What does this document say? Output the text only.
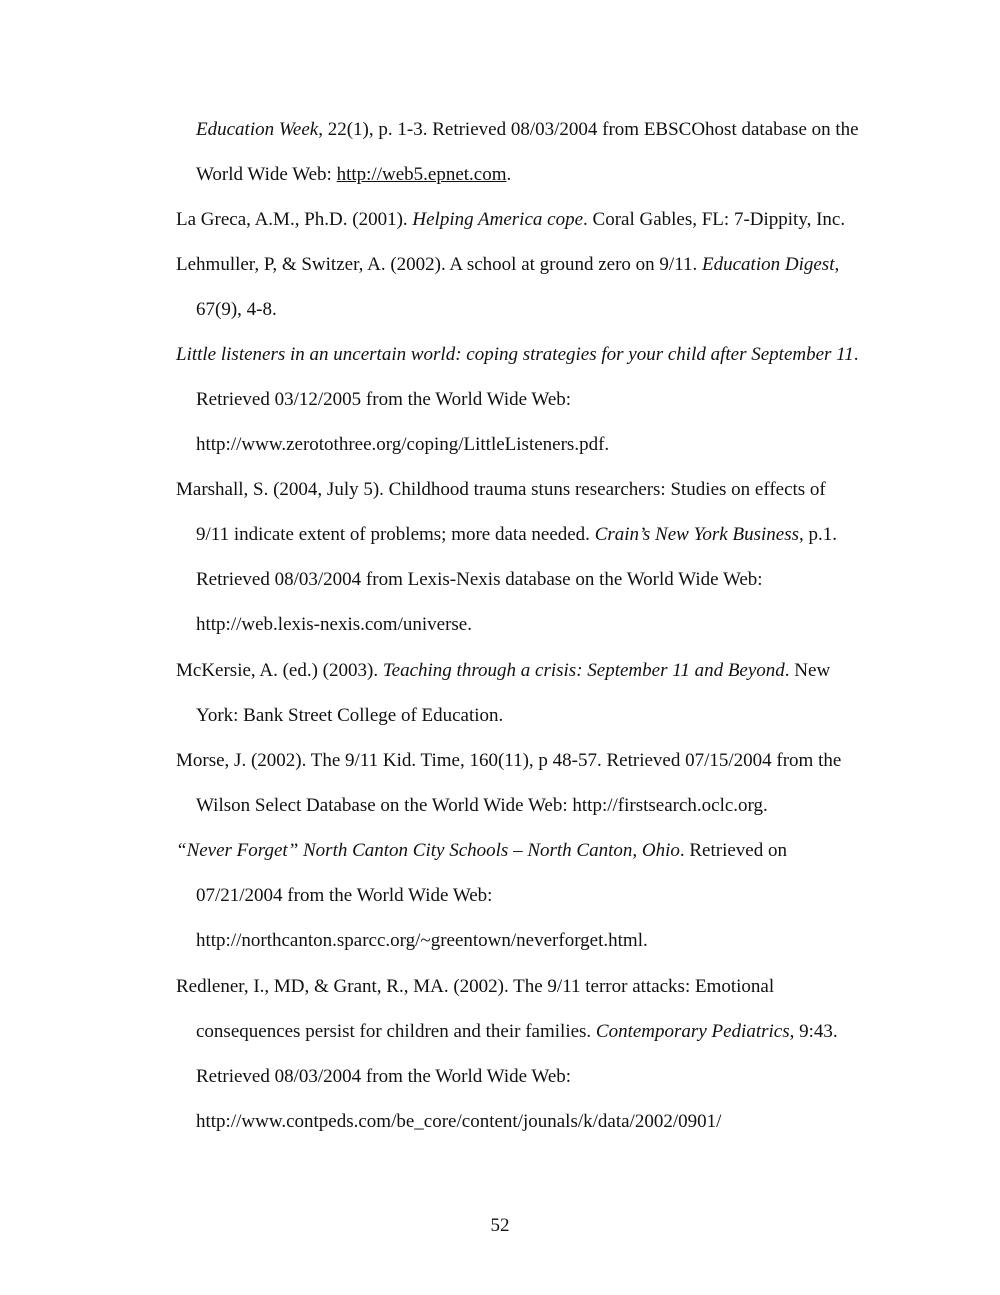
Education Week, 22(1), p. 1-3. Retrieved 08/03/2004 from EBSCOhost database on the
World Wide Web: http://web5.epnet.com.
La Greca, A.M., Ph.D. (2001). Helping America cope. Coral Gables, FL: 7-Dippity, Inc.
Lehmuller, P, & Switzer, A. (2002). A school at ground zero on 9/11. Education Digest,
67(9), 4-8.
Little listeners in an uncertain world: coping strategies for your child after September 11.
Retrieved 03/12/2005 from the World Wide Web:
http://www.zerotothree.org/coping/LittleListeners.pdf.
Marshall, S. (2004, July 5). Childhood trauma stuns researchers: Studies on effects of
9/11 indicate extent of problems; more data needed. Crain’s New York Business, p.1.
Retrieved 08/03/2004 from Lexis-Nexis database on the World Wide Web:
http://web.lexis-nexis.com/universe.
McKersie, A. (ed.) (2003). Teaching through a crisis: September 11 and Beyond. New
York: Bank Street College of Education.
Morse, J. (2002). The 9/11 Kid. Time, 160(11), p 48-57. Retrieved 07/15/2004 from the
Wilson Select Database on the World Wide Web: http://firstsearch.oclc.org.
“Never Forget” North Canton City Schools – North Canton, Ohio. Retrieved on
07/21/2004 from the World Wide Web:
http://northcanton.sparcc.org/~greentown/neverforget.html.
Redlener, I., MD, & Grant, R., MA. (2002). The 9/11 terror attacks: Emotional
consequences persist for children and their families. Contemporary Pediatrics, 9:43.
Retrieved 08/03/2004 from the World Wide Web:
http://www.contpeds.com/be_core/content/jounals/k/data/2002/0901/
52
